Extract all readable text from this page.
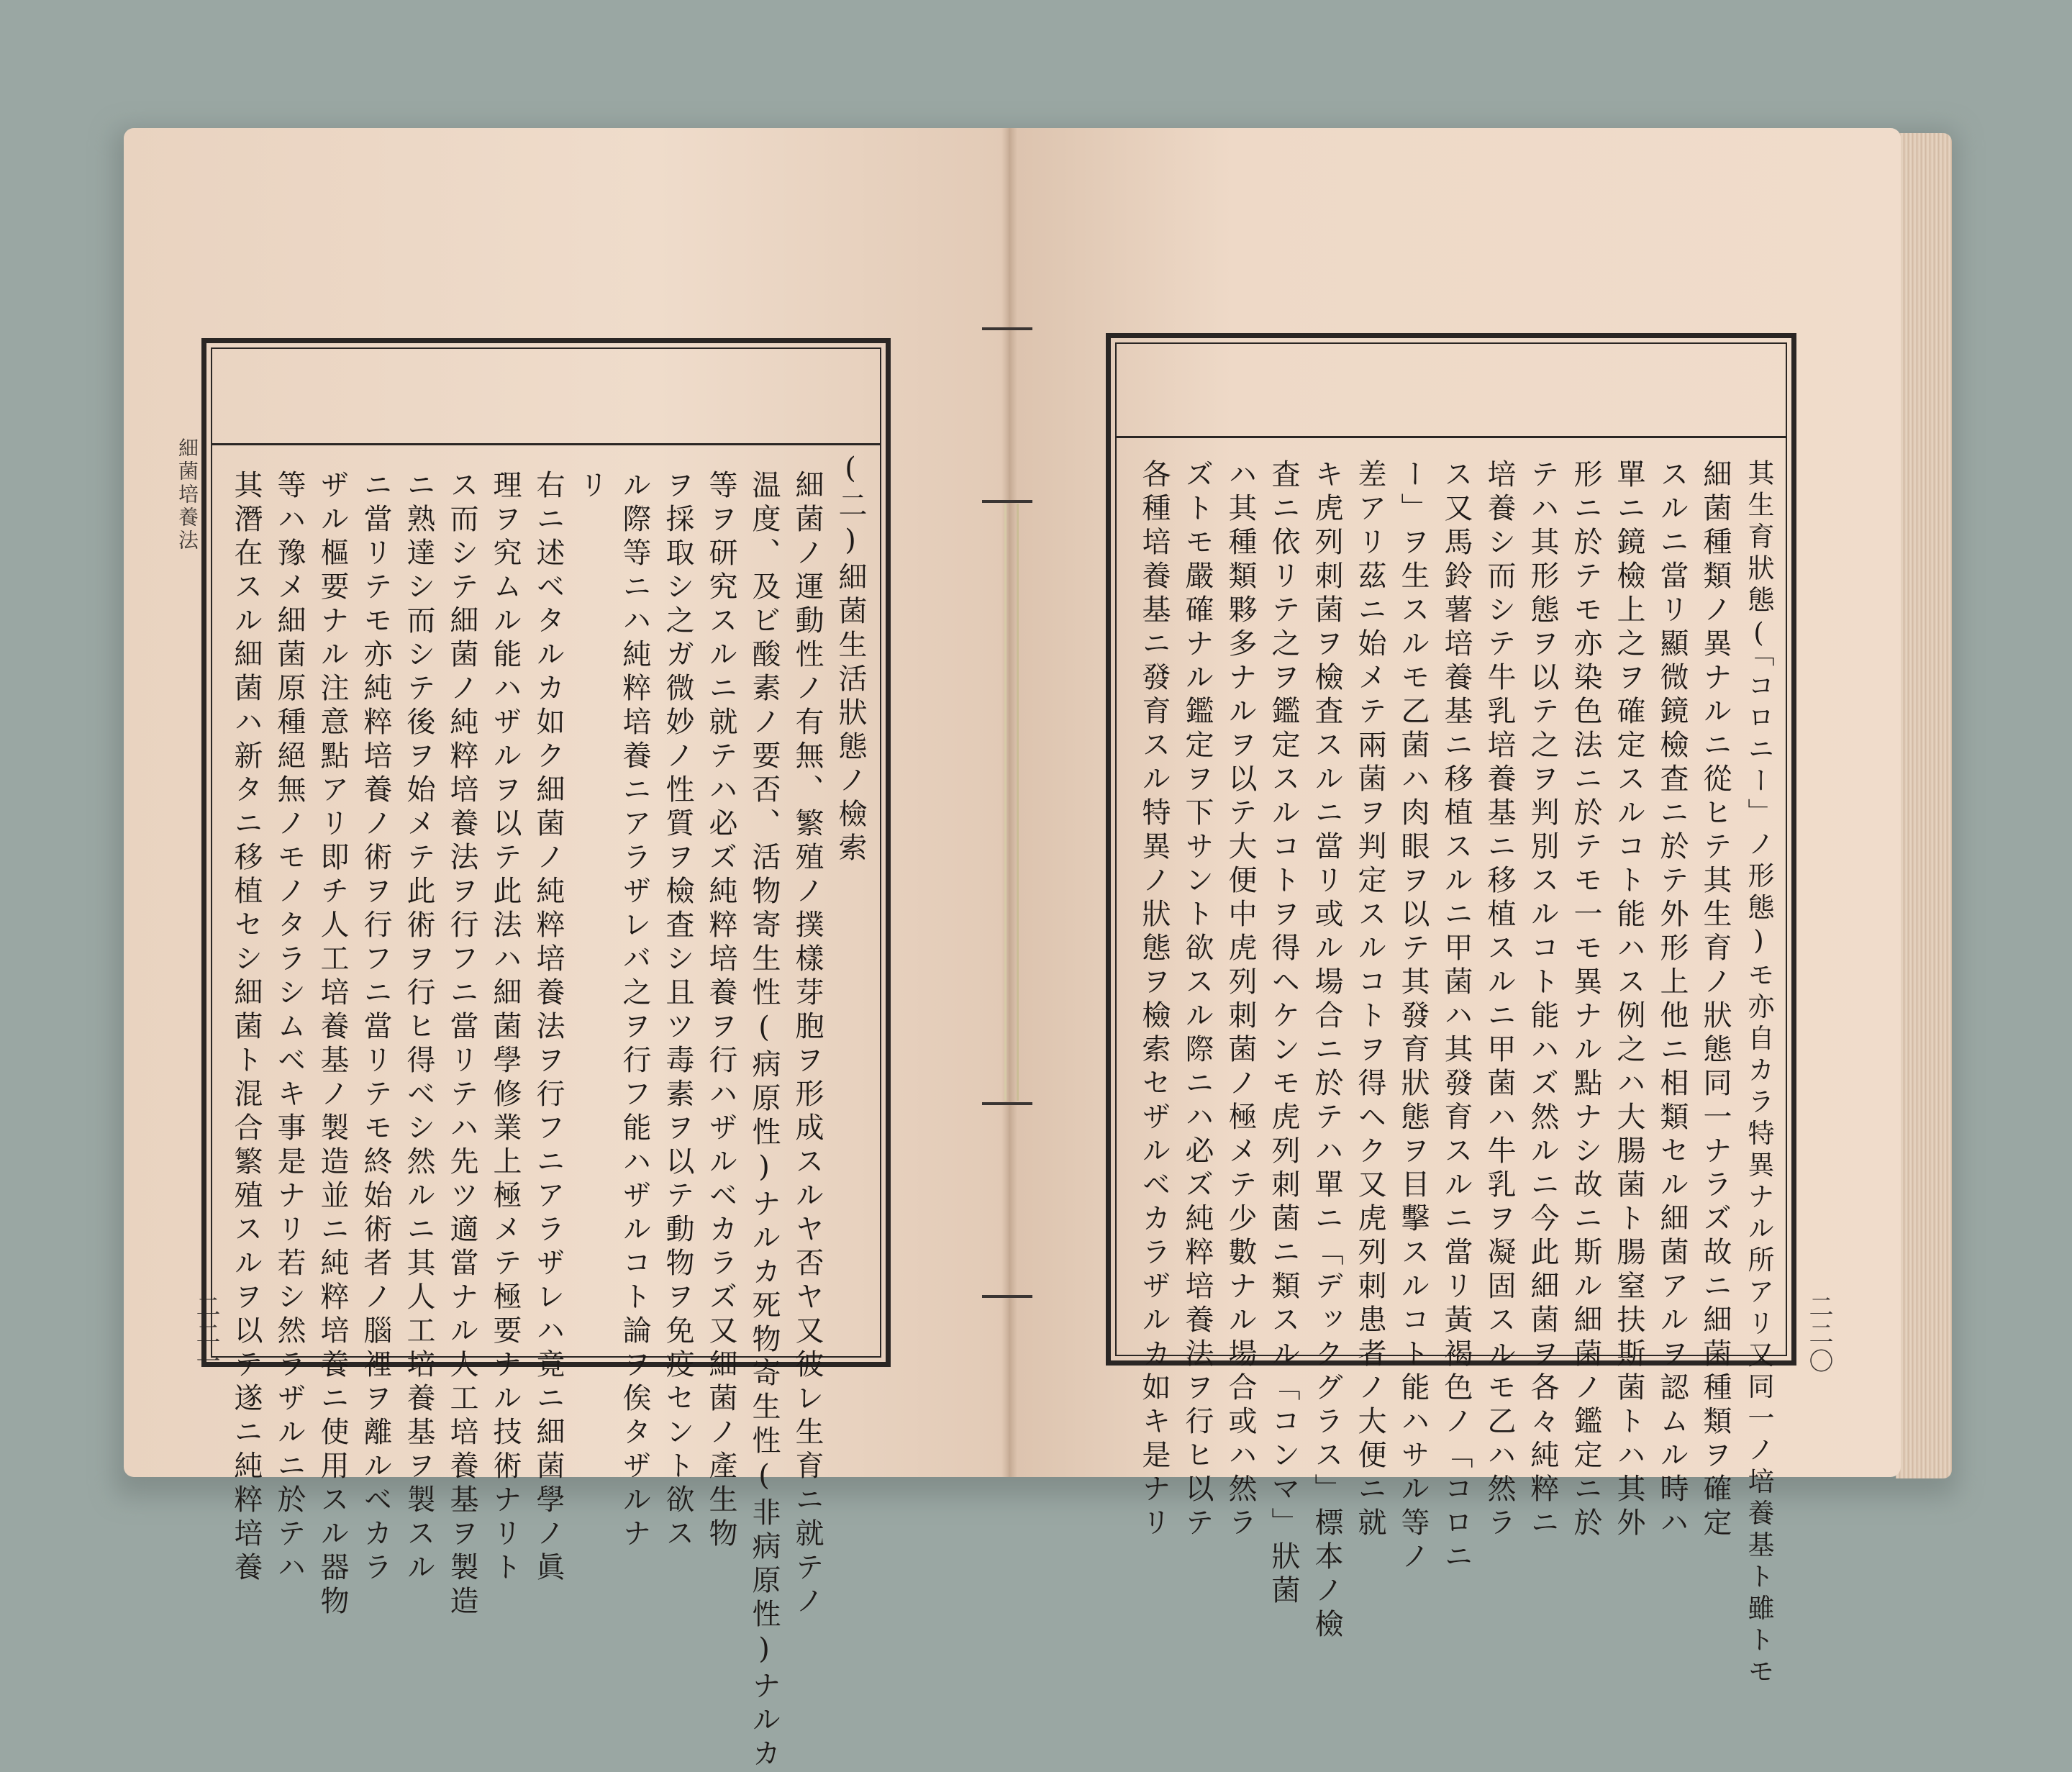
細菌培養法
二二一
(二)細菌生活狀態ノ檢索
細菌ノ運動性ノ有無、繁殖ノ撲樣芽胞ヲ形成スルヤ否ヤ又彼レ生育ニ就テノ
温度、及ビ酸素ノ要否、活物寄生性(病原性)ナルカ死物寄生性(非病原性)ナルカ
等ヲ研究スルニ就テハ必ズ純粹培養ヲ行ハザルベカラズ又細菌ノ產生物
ヲ採取シ之ガ微妙ノ性質ヲ檢査シ且ツ毒素ヲ以テ動物ヲ免疫セント欲ス
ル際等ニハ純粹培養ニアラザレバ之ヲ行フ能ハザルコト論ヲ俟タザルナ
リ
右ニ述ベタルカ如ク細菌ノ純粹培養法ヲ行フニアラザレハ竟ニ細菌學ノ眞
理ヲ究ムル能ハザルヲ以テ此法ハ細菌學修業上極メテ極要ナル技術ナリト
ス而シテ細菌ノ純粹培養法ヲ行フニ當リテハ先ツ適當ナル人工培養基ヲ製造
ニ熟達シ而シテ後ヲ始メテ此術ヲ行ヒ得ベシ然ルニ其人工培養基ヲ製スル
ニ當リテモ亦純粹培養ノ術ヲ行フニ當リテモ終始術者ノ腦裡ヲ離ルベカラ
ザル樞要ナル注意點アリ即チ人工培養基ノ製造並ニ純粹培養ニ使用スル器物
等ハ豫メ細菌原種絕無ノモノタラシムベキ事是ナリ若シ然ラザルニ於テハ
其潛在スル細菌ハ新タニ移植セシ細菌ト混合繁殖スルヲ以テ遂ニ純粹培養	二二〇
其生育狀態(「コロニー」ノ形態)モ亦自カラ特異ナル所アリ又同一ノ培養基ト雖トモ
細菌種類ノ異ナルニ從ヒテ其生育ノ狀態同一ナラズ故ニ細菌種類ヲ確定
スルニ當リ顯微鏡檢査ニ於テ外形上他ニ相類セル細菌アルヲ認ムル時ハ
單ニ鏡檢上之ヲ確定スルコト能ハス例之ハ大腸菌ト腸窒扶斯菌トハ其外
形ニ於テモ亦染色法ニ於テモ一モ異ナル點ナシ故ニ斯ル細菌ノ鑑定ニ於
テハ其形態ヲ以テ之ヲ判別スルコト能ハズ然ルニ今此細菌ヲ各々純粹ニ
培養シ而シテ牛乳培養基ニ移植スルニ甲菌ハ牛乳ヲ凝固スルモ乙ハ然ラ
ス又馬鈴薯培養基ニ移植スルニ甲菌ハ其發育スルニ當リ黃褐色ノ「コロニ
ー」ヲ生スルモ乙菌ハ肉眼ヲ以テ其發育狀態ヲ目擊スルコト能ハサル等ノ
差アリ茲ニ始メテ兩菌ヲ判定スルコトヲ得ヘク又虎列刺患者ノ大便ニ就
キ虎列刺菌ヲ檢査スルニ當リ或ル場合ニ於テハ單ニ「デックグラス」標本ノ檢
査ニ依リテ之ヲ鑑定スルコトヲ得ヘケンモ虎列刺菌ニ類スル「コンマ」狀菌
ハ其種類夥多ナルヲ以テ大便中虎列刺菌ノ極メテ少數ナル場合或ハ然ラ
ズトモ嚴確ナル鑑定ヲ下サント欲スル際ニハ必ズ純粹培養法ヲ行ヒ以テ
各種培養基ニ發育スル特異ノ狀態ヲ檢索セザルベカラザルカ如キ是ナリ
